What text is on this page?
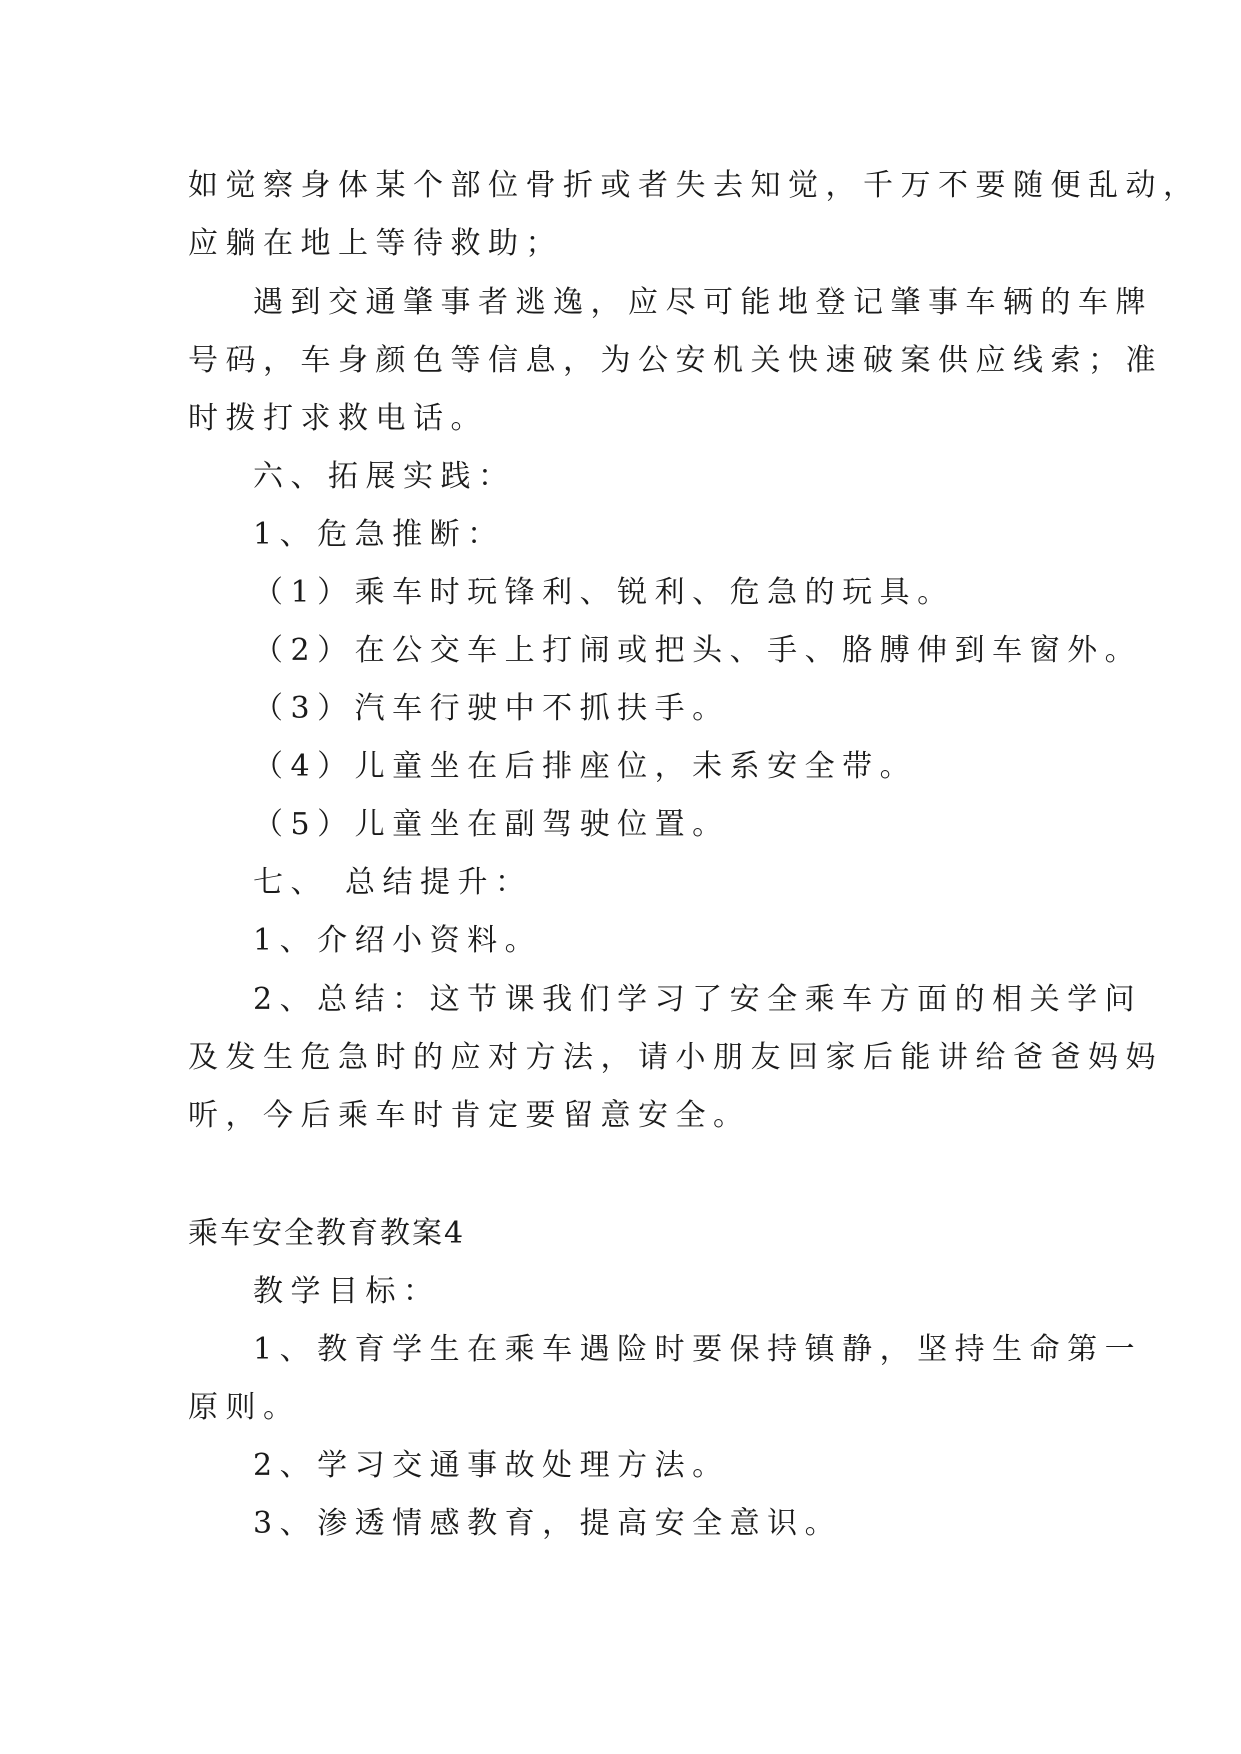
如觉察身体某个部位骨折或者失去知觉，千万不要随便乱动，
应躺在地上等待救助；
遇到交通肇事者逃逸，应尽可能地登记肇事车辆的车牌
号码，车身颜色等信息，为公安机关快速破案供应线索；准
时拨打求救电话。
六、拓展实践：
1、危急推断：
（1）乘车时玩锋利、锐利、危急的玩具。
（2）在公交车上打闹或把头、手、胳膊伸到车窗外。
（3）汽车行驶中不抓扶手。
（4）儿童坐在后排座位，未系安全带。
（5）儿童坐在副驾驶位置。
七、 总结提升：
1、介绍小资料。
2、总结：这节课我们学习了安全乘车方面的相关学问
及发生危急时的应对方法，请小朋友回家后能讲给爸爸妈妈
听，今后乘车时肯定要留意安全。
乘车安全教育教案4
教学目标：
1、教育学生在乘车遇险时要保持镇静，坚持生命第一
原则。
2、学习交通事故处理方法。
3、渗透情感教育，提高安全意识。
